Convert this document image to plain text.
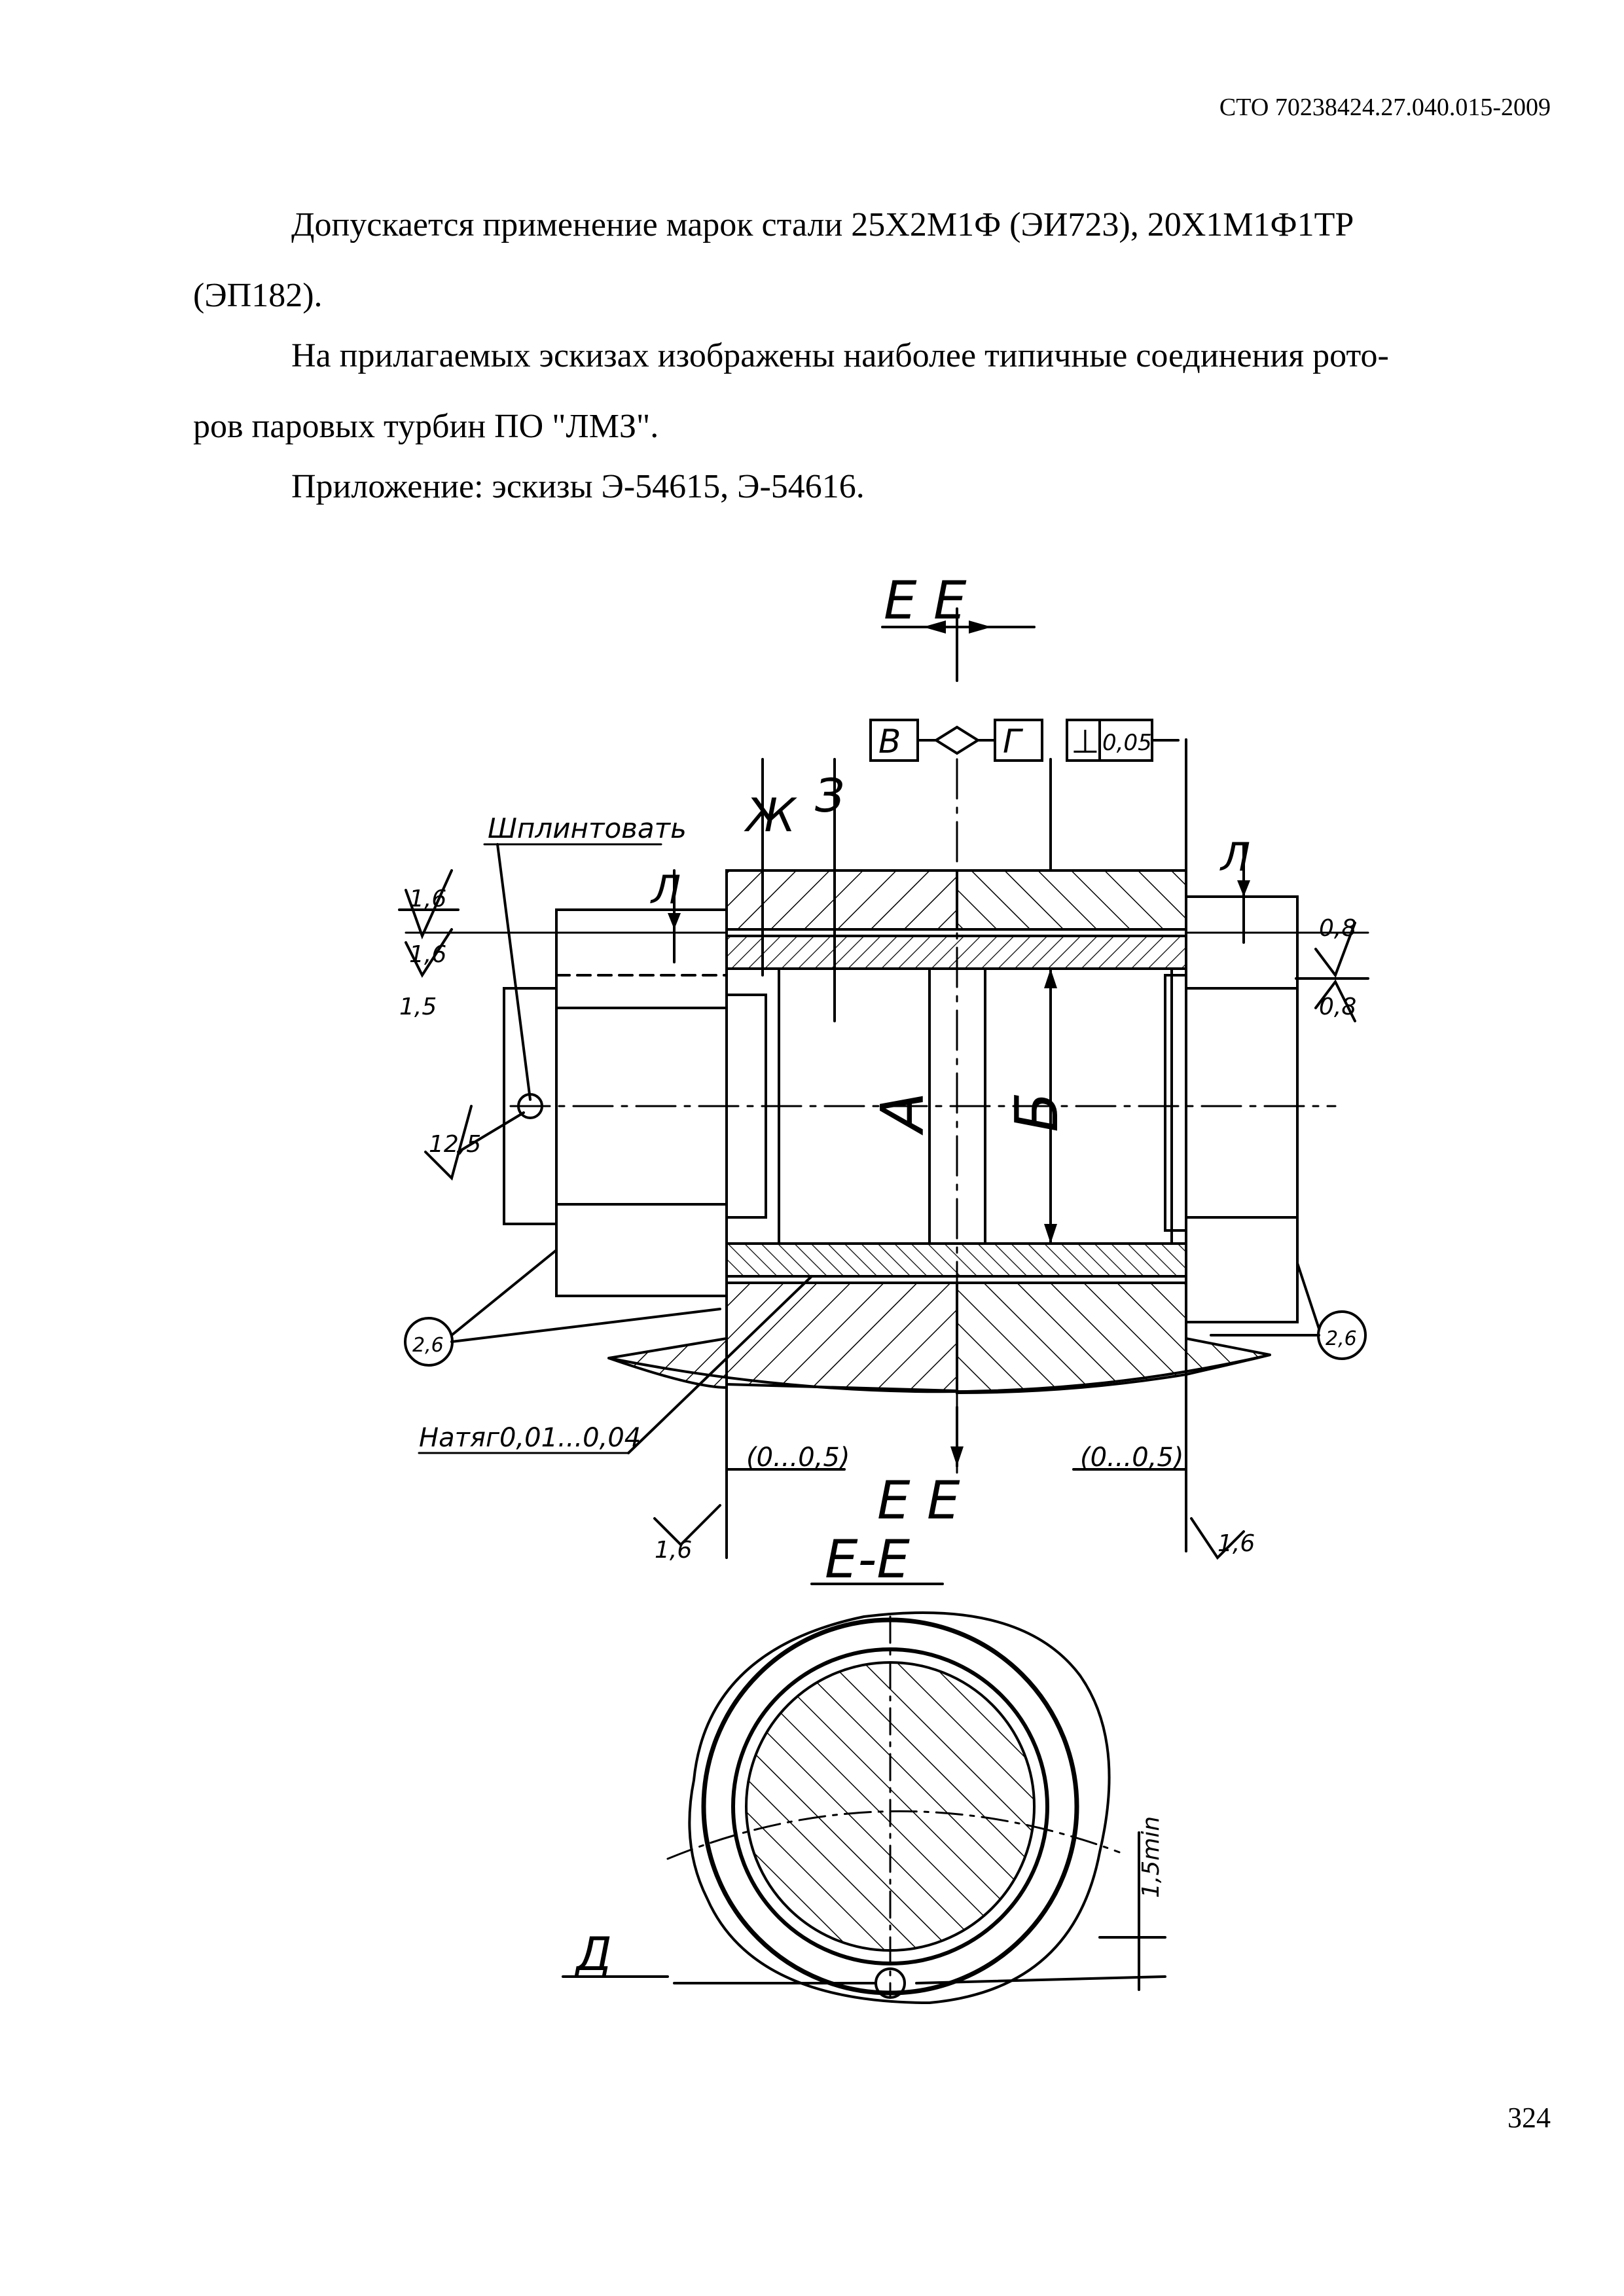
СТО 70238424.27.040.015-2009
Допускается применение марок стали 25Х2М1Ф (ЭИ723), 20Х1М1Ф1ТР
(ЭП182).
На прилагаемых эскизах изображены наиболее типичные соединения рото-
ров паровых турбин ПО "ЛМЗ".
Приложение: эскизы Э-54615, Э-54616.
Е Е
В	Г ⊥ 0,05
Ж З
Л
Л
А Б
Шплинтовать
Натяг0,01...0,04
1,6
1,6
1,5
12,5
0,8
0,8
2,6	2,6
(0...0,5)	(0...0,5)
Е Е
1,6	1,6
Е-Е
1,5min
Д
324
